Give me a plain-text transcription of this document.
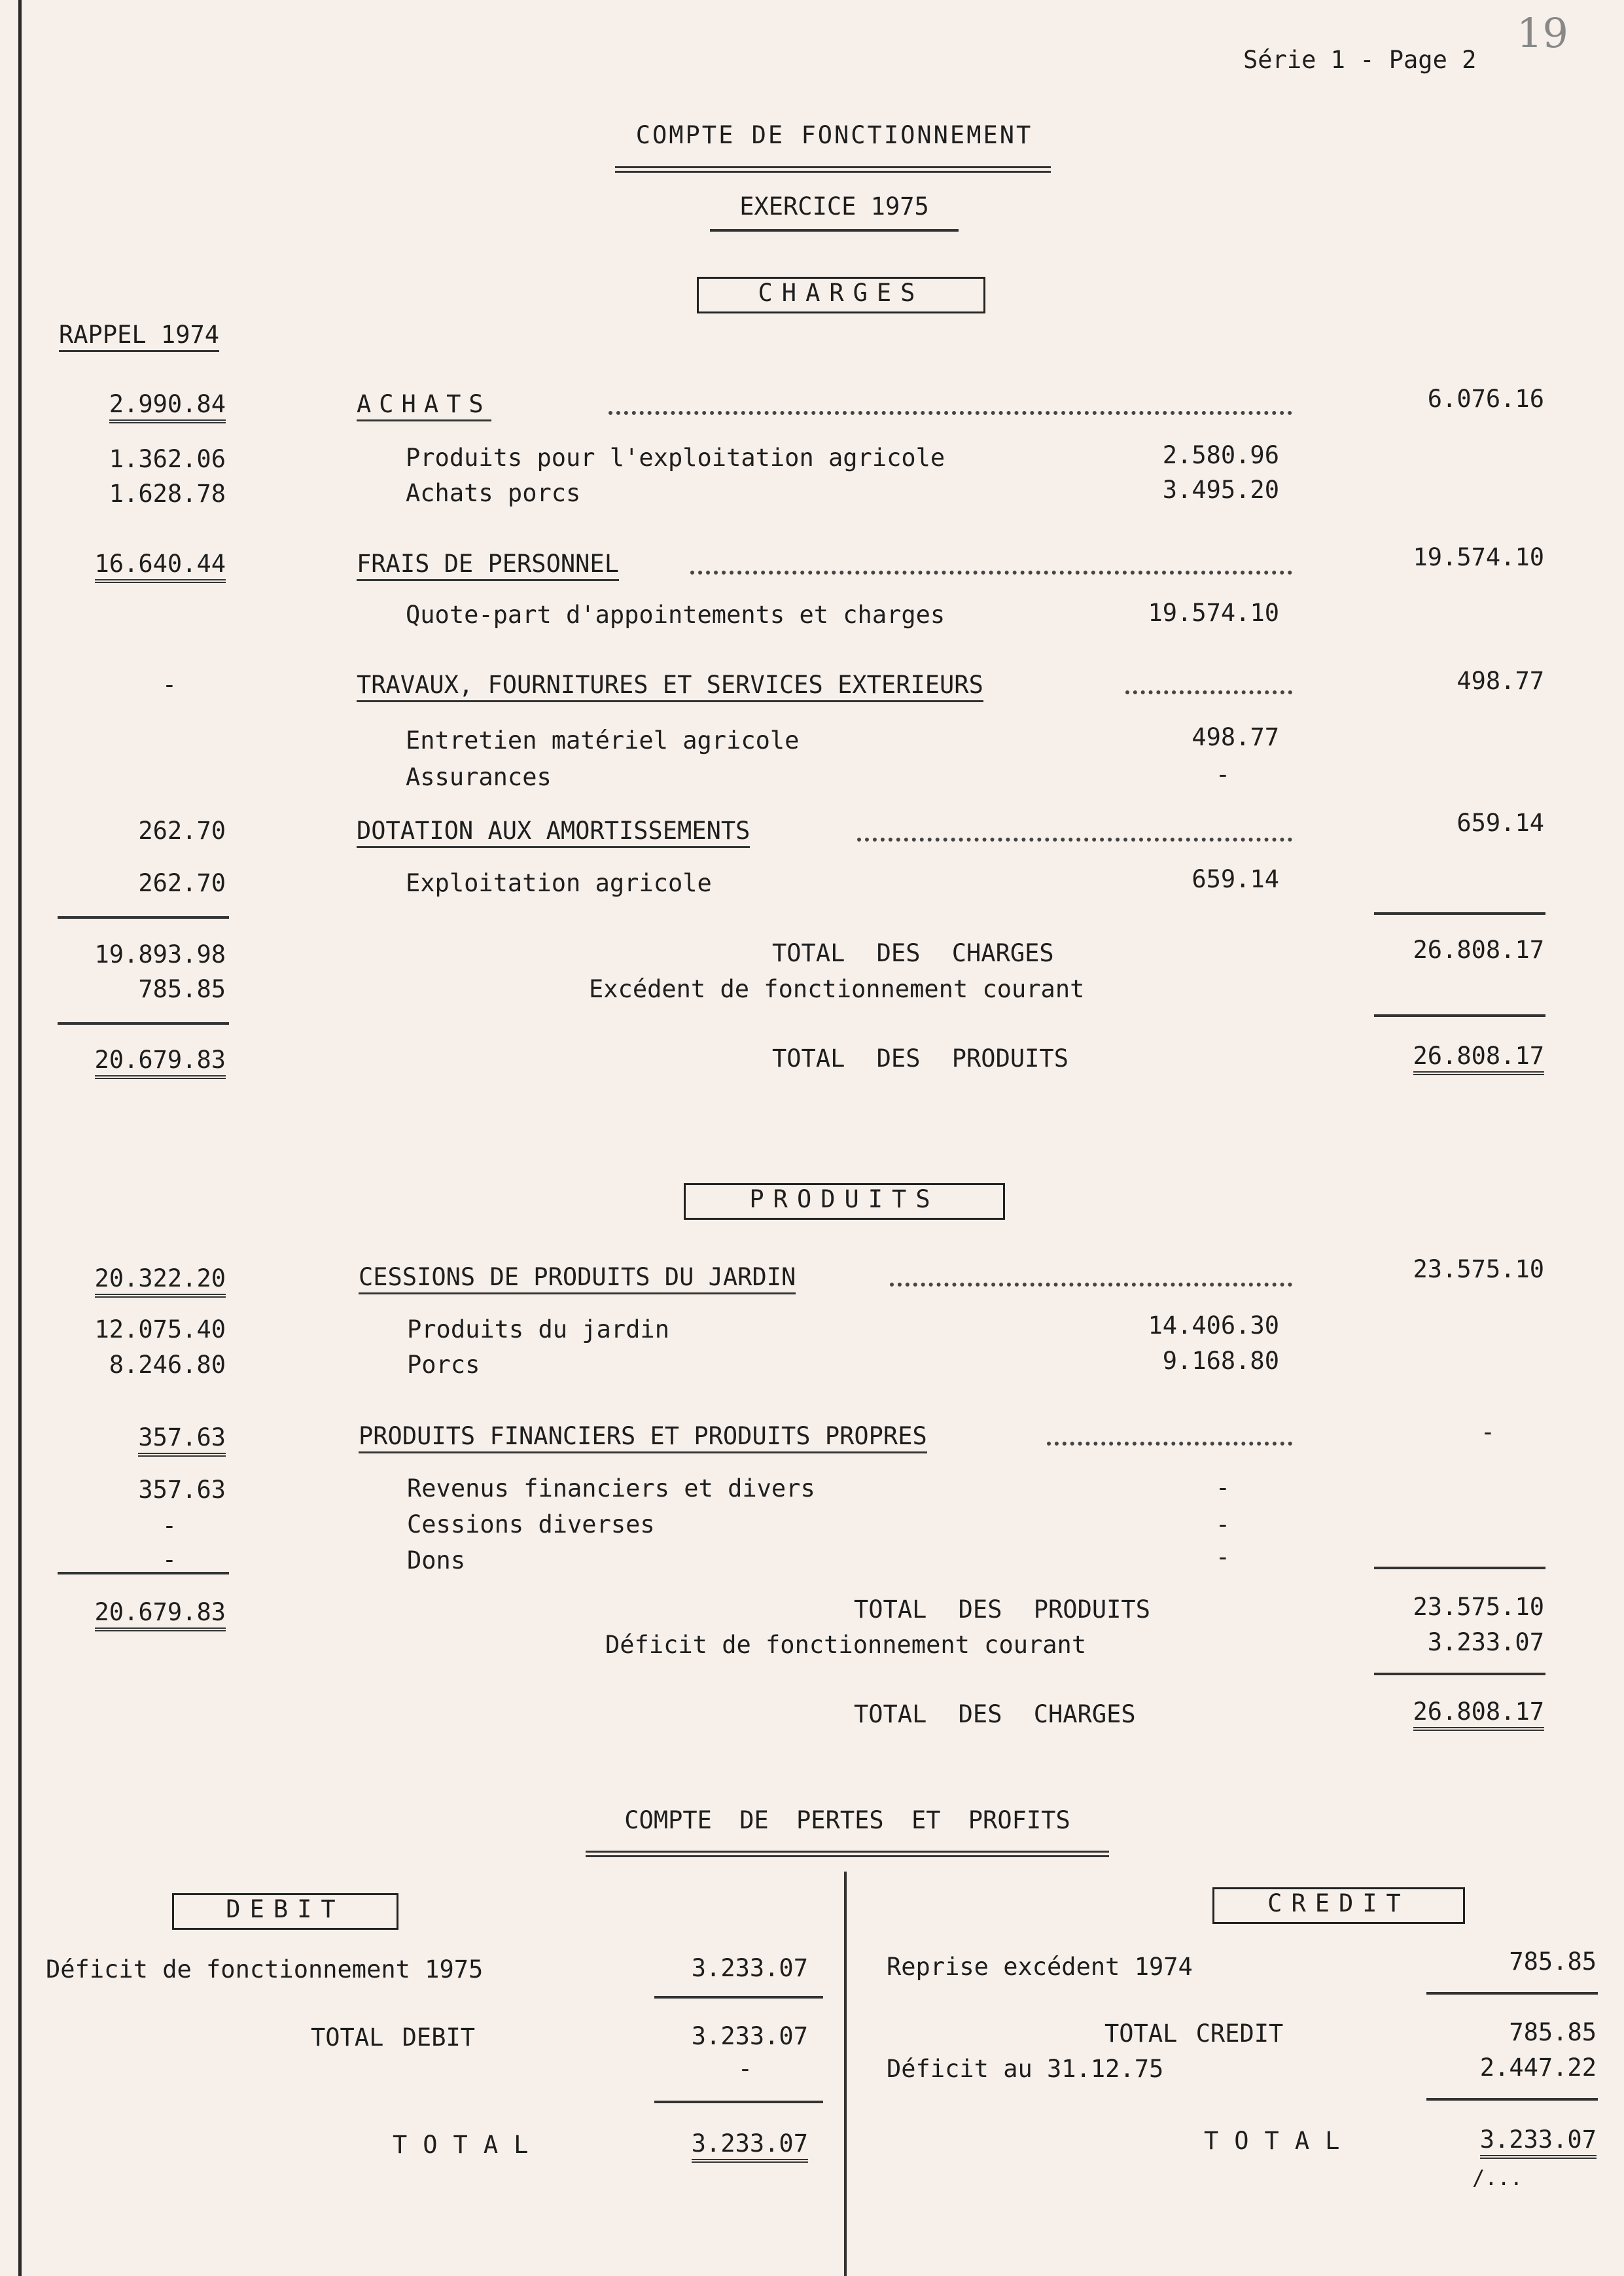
Série 1 - Page 2
19
COMPTE DE FONCTIONNEMENT
EXERCICE 1975
CHARGES
RAPPEL 1974
2.990.84	ACHATS	6.076.16
1.362.06	Produits pour l'exploitation agricole	2.580.96
1.628.78	Achats porcs	3.495.20
16.640.44	FRAIS DE PERSONNEL	19.574.10
Quote-part d'appointements et charges	19.574.10
-	TRAVAUX, FOURNITURES ET SERVICES EXTERIEURS	498.77
Entretien matériel agricole	498.77
Assurances	-
262.70	DOTATION AUX AMORTISSEMENTS	659.14
262.70	Exploitation agricole	659.14
19.893.98	TOTAL DES CHARGES	26.808.17
785.85	Excédent de fonctionnement courant
20.679.83	TOTAL DES PRODUITS	26.808.17
PRODUITS
20.322.20	CESSIONS DE PRODUITS DU JARDIN	23.575.10
12.075.40	Produits du jardin	14.406.30
8.246.80	Porcs	9.168.80
357.63	PRODUITS FINANCIERS ET PRODUITS PROPRES	-
357.63	Revenus financiers et divers	-
-	Cessions diverses	-
-	Dons	-
20.679.83	TOTAL DES PRODUITS	23.575.10
Déficit de fonctionnement courant	3.233.07
TOTAL DES CHARGES	26.808.17
COMPTE DE PERTES ET PROFITS
DEBIT
Déficit de fonctionnement 1975	3.233.07
TOTAL DEBIT	3.233.07
-
TOTAL	3.233.07
CREDIT
Reprise excédent 1974	785.85
TOTAL CREDIT	785.85
Déficit au 31.12.75	2.447.22
TOTAL	3.233.07
/...
